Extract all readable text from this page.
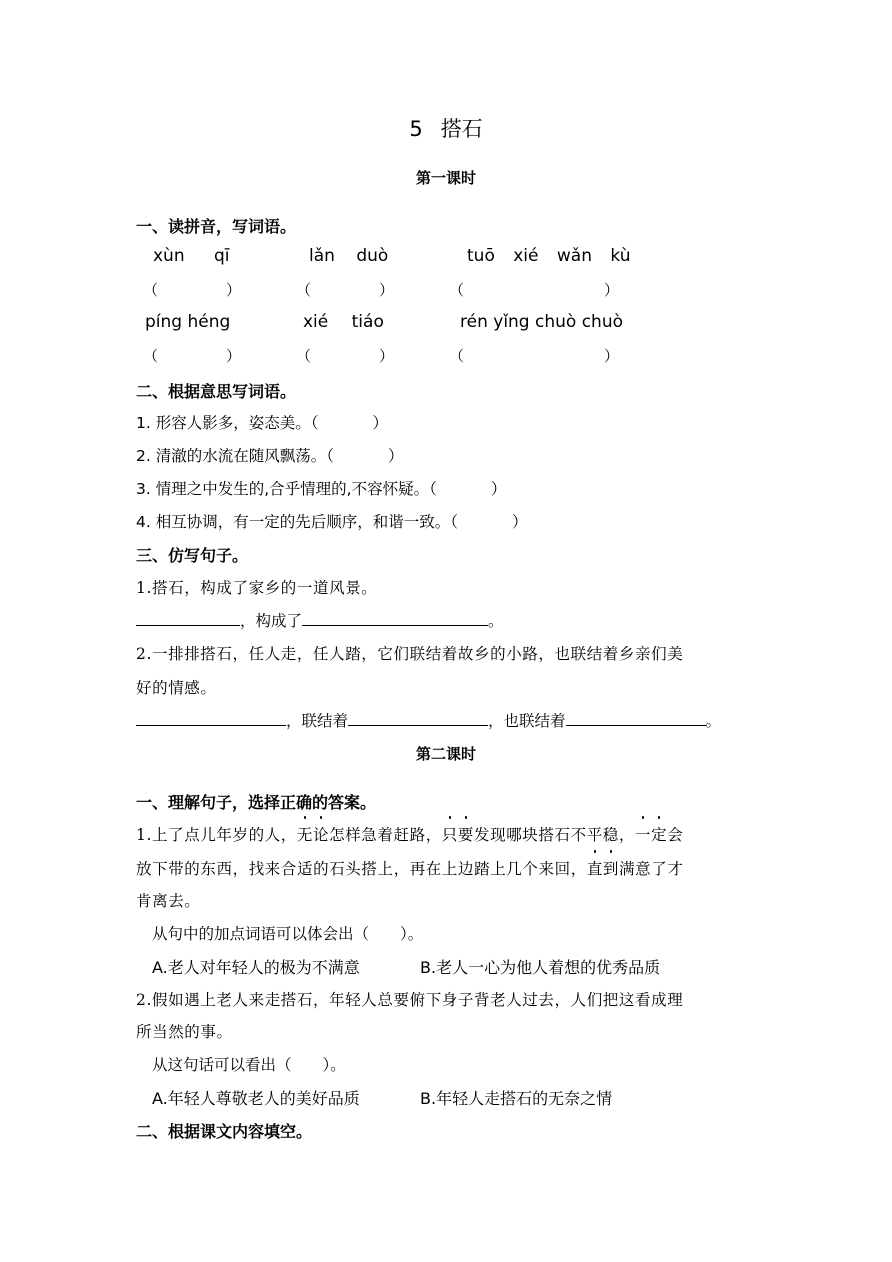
5 搭石
第一课时
一、读拼音，写词语。
xùn qī	lǎn duò	tuō xié wǎn kù
（	）	（	）	（	）
píng héng	xié tiáo	rén yǐng chuò chuò
（	）	（	）	（	）
二、根据意思写词语。
1. 形容人影多，姿态美。（	）
2. 清澈的水流在随风飘荡。（	）
3. 情理之中发生的,合乎情理的,不容怀疑。（	）
4. 相互协调，有一定的先后顺序，和谐一致。（	）
三、仿写句子。
1.搭石，构成了家乡的一道风景。
，构成了	。
2.一排排搭石，任人走，任人踏，它们联结着故乡的小路，也联结着乡亲们美
好的情感。
，联结着	，也联结着	。
第二课时
一、理解句子，选择正确的答案。
1.上了点儿年岁的人，无论
怎样急着赶路，只要
发现哪块搭石不平稳，一定
会
放下带的东西，找来合适的石头搭上，再在上边踏上几个来回，直到
满意了才
肯离去。
从句中的加点词语可以体会出（　　）。
A.老人对年轻人的极为不满意	B.老人一心为他人着想的优秀品质
2.假如遇上老人来走搭石，年轻人总要俯下身子背老人过去，人们把这看成理
所当然的事。
从这句话可以看出（　　）。
A.年轻人尊敬老人的美好品质	B.年轻人走搭石的无奈之情
二、根据课文内容填空。
